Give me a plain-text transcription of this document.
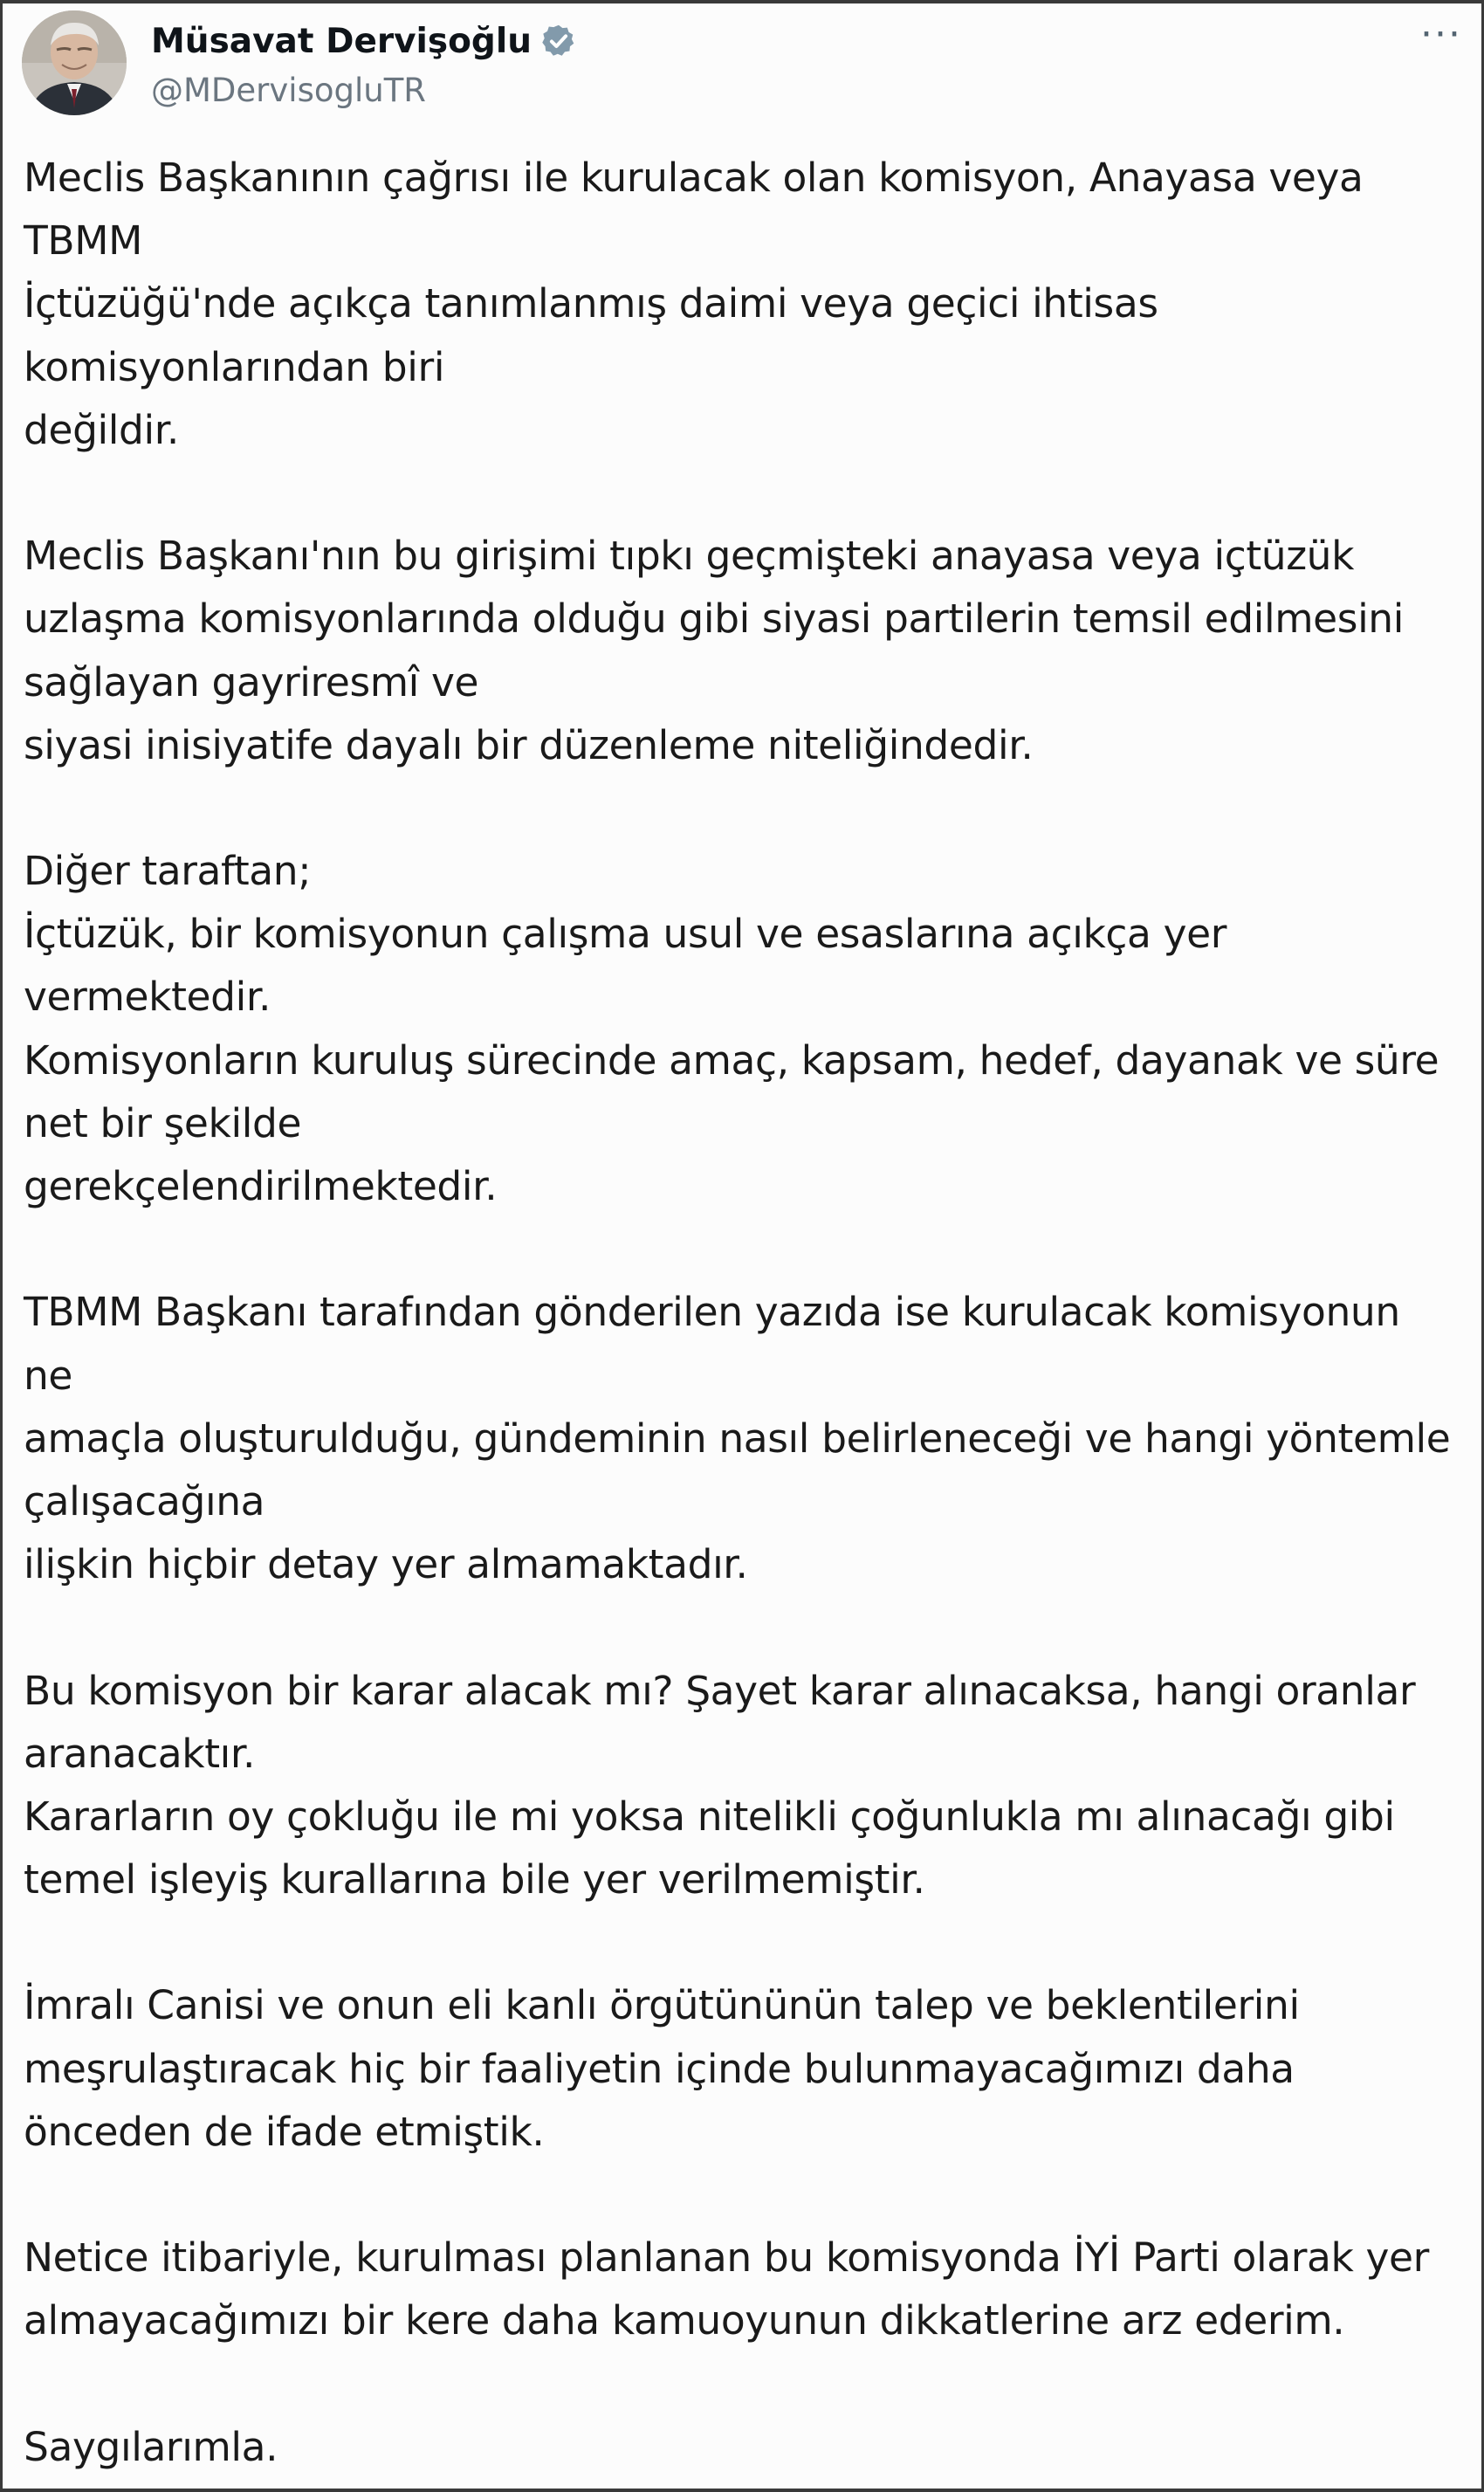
Müsavat Dervişoğlu
@MDervisogluTR
···
Meclis Başkanının çağrısı ile kurulacak olan komisyon, Anayasa veya
TBMM
İçtüzüğü'nde açıkça tanımlanmış daimi veya geçici ihtisas
komisyonlarından biri
değildir.
Meclis Başkanı'nın bu girişimi tıpkı geçmişteki anayasa veya içtüzük
uzlaşma komisyonlarında olduğu gibi siyasi partilerin temsil edilmesini
sağlayan gayriresmî ve
siyasi inisiyatife dayalı bir düzenleme niteliğindedir.
Diğer taraftan;
İçtüzük, bir komisyonun çalışma usul ve esaslarına açıkça yer
vermektedir.
Komisyonların kuruluş sürecinde amaç, kapsam, hedef, dayanak ve süre
net bir şekilde
gerekçelendirilmektedir.
TBMM Başkanı tarafından gönderilen yazıda ise kurulacak komisyonun
ne
amaçla oluşturulduğu, gündeminin nasıl belirleneceği ve hangi yöntemle
çalışacağına
ilişkin hiçbir detay yer almamaktadır.
Bu komisyon bir karar alacak mı? Şayet karar alınacaksa, hangi oranlar
aranacaktır.
Kararların oy çokluğu ile mi yoksa nitelikli çoğunlukla mı alınacağı gibi
temel işleyiş kurallarına bile yer verilmemiştir.
İmralı Canisi ve onun eli kanlı örgütününün talep ve beklentilerini
meşrulaştıracak hiç bir faaliyetin içinde bulunmayacağımızı daha
önceden de ifade etmiştik.
Netice itibariyle, kurulması planlanan bu komisyonda İYİ Parti olarak yer
almayacağımızı bir kere daha kamuoyunun dikkatlerine arz ederim.
Saygılarımla.
